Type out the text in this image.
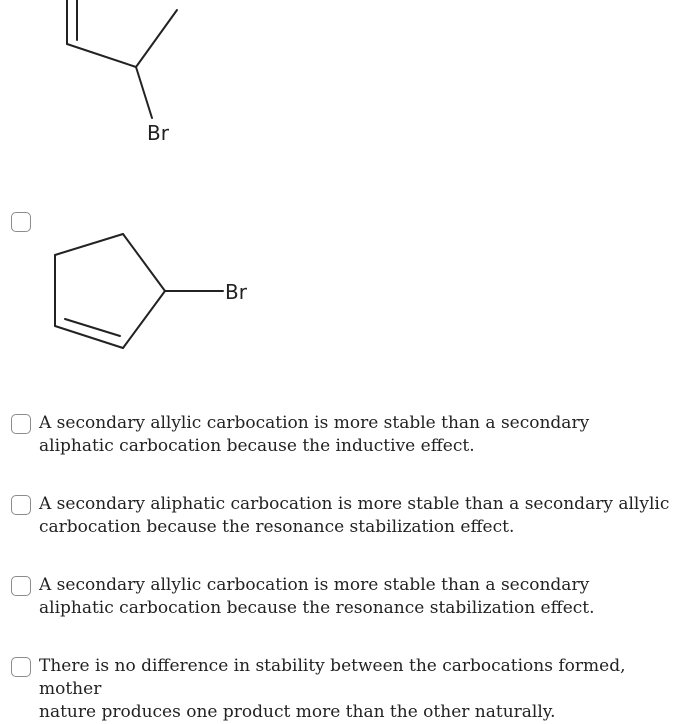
Br
Br
A secondary allylic carbocation is more stable than a secondary
aliphatic carbocation because the inductive effect.
A secondary aliphatic carbocation is more stable than a secondary allylic
carbocation because the resonance stabilization effect.
A secondary allylic carbocation is more stable than a secondary
aliphatic carbocation because the resonance stabilization effect.
There is no difference in stability between the carbocations formed, mother
nature produces one product more than the other naturally.
